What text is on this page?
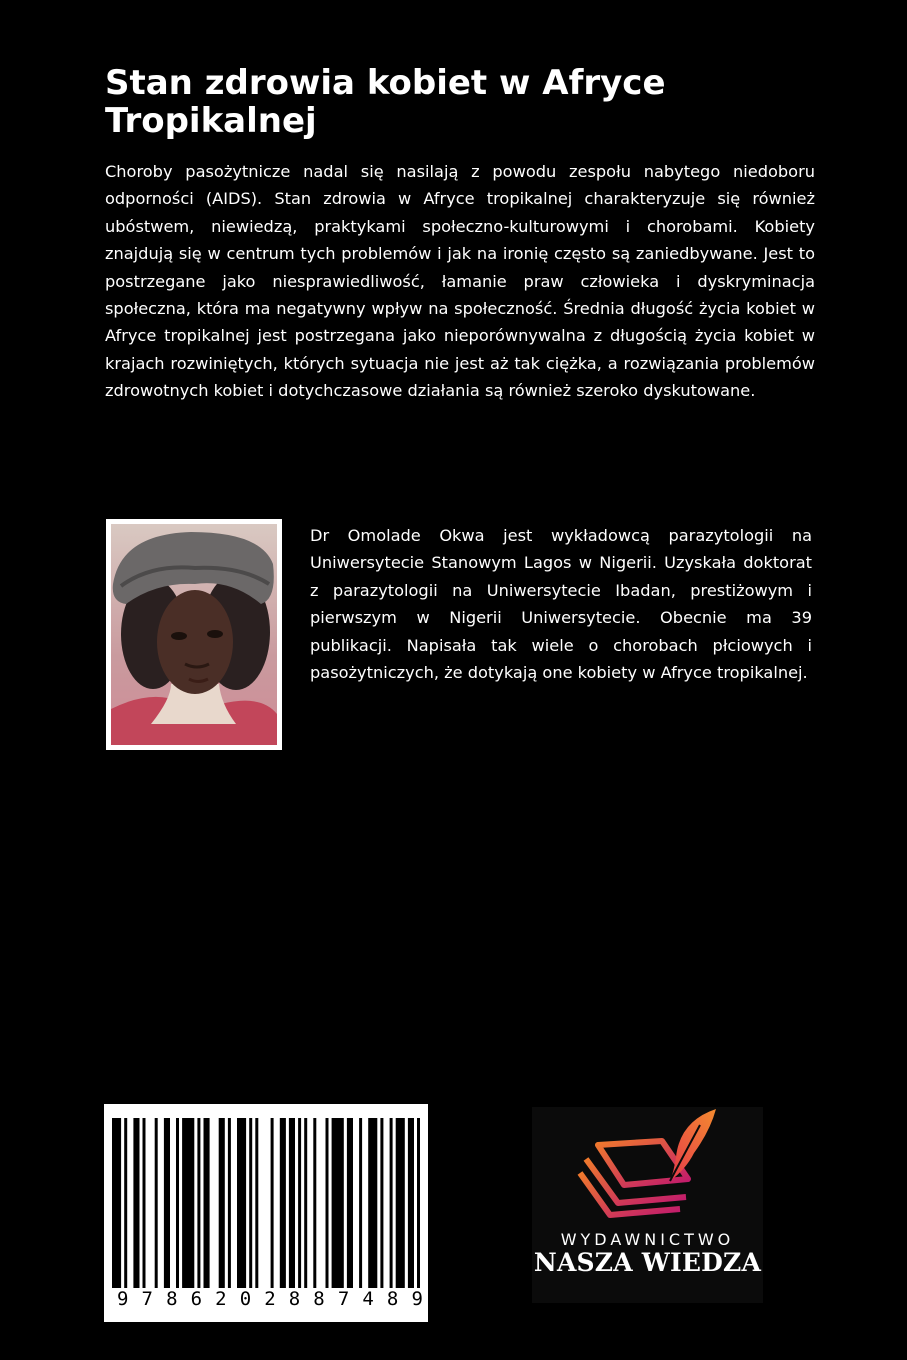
Stan zdrowia kobiet w Afryce Tropikalnej

Choroby pasożytnicze nadal się nasilają z powodu zespołu nabytego niedoboru odporności (AIDS). Stan zdrowia w Afryce tropikalnej charakteryzuje się również ubóstwem, niewiedzą, praktykami społeczno-kulturowymi i chorobami. Kobiety znajdują się w centrum tych problemów i jak na ironię często są zaniedbywane. Jest to postrzegane jako niesprawiedliwość, łamanie praw człowieka i dyskryminacja społeczna, która ma negatywny wpływ na społeczność. Średnia długość życia kobiet w Afryce tropikalnej jest postrzegana jako nieporównywalna z długością życia kobiet w krajach rozwiniętych, których sytuacja nie jest aż tak ciężka, a rozwiązania problemów zdrowotnych kobiet i dotychczasowe działania są również szeroko dyskutowane.

Dr Omolade Okwa jest wykładowcą parazytologii na Uniwersytecie Stanowym Lagos w Nigerii. Uzyskała doktorat z parazytologii na Uniwersytecie Ibadan, prestiżowym i pierwszym w Nigerii Uniwersytecie. Obecnie ma 39 publikacji. Napisała tak wiele o chorobach płciowych i pasożytniczych, że dotykają one kobiety w Afryce tropikalnej.

9786202887489
WYDAWNICTWO
NASZA WIEDZA
